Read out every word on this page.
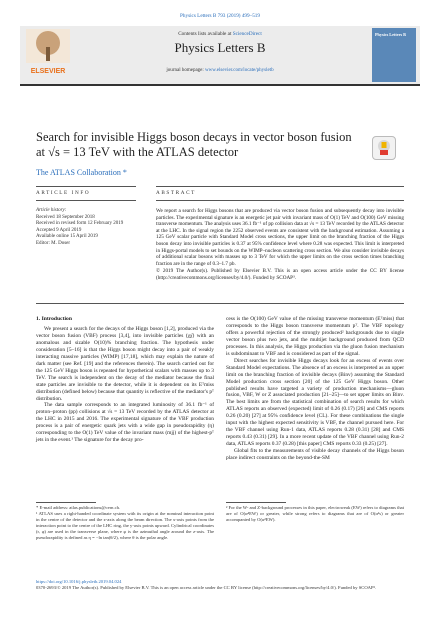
Physics Letters B 793 (2019) 499–519
Contents lists available at ScienceDirect
Physics Letters B
journal homepage: www.elsevier.com/locate/physletb
ELSEVIER
Physics Letters B
Search for invisible Higgs boson decays in vector boson fusion
at √s = 13 TeV with the ATLAS detector
The ATLAS Collaboration *
ARTICLE INFO	ABSTRACT
Article history:
Received 18 September 2018
Received in revised form 12 February 2019
Accepted 9 April 2019
Available online 15 April 2019
Editor: M. Doser
We report a search for Higgs bosons that are produced via vector boson fusion and subsequently decay into invisible particles. The experimental signature is an energetic jet pair with invariant mass of O(1) TeV and O(100) GeV missing transverse momentum. The analysis uses 36.1 fb⁻¹ of pp collision data at √s = 13 TeV recorded by the ATLAS detector at the LHC. In the signal region the 2252 observed events are consistent with the background estimation. Assuming a 125 GeV scalar particle with Standard Model cross sections, the upper limit on the branching fraction of the Higgs boson decay into invisible particles is 0.37 at 95% confidence level where 0.28 was expected. This limit is interpreted in Higgs-portal models to set bounds on the WIMP–nucleon scattering cross section. We also consider invisible decays of additional scalar bosons with masses up to 3 TeV for which the upper limits on the cross section times branching fraction are in the range of 0.3–1.7 pb.
© 2019 The Author(s). Published by Elsevier B.V. This is an open access article under the CC BY license (http://creativecommons.org/licenses/by/4.0/). Funded by SCOAP³.
1. Introduction

We present a search for the decays of the Higgs boson [1,2], produced via the vector boson fusion (VBF) process [3,4], into invisible particles (χχ̄) with an anomalous and sizable O(10)% branching fraction. The hypothesis under consideration [5–16] is that the Higgs boson might decay into a pair of weakly interacting massive particles (WIMP) [17,18], which may explain the nature of dark matter (see Ref. [19] and the references therein). The search carried out for the 125 GeV Higgs boson is repeated for hypothetical scalars with masses up to 3 TeV. The search is independent on the decay of the mediator because the final state particles are invisible to the detector, while it is dependent on its Eᵀmiss distribution (defined below) because that quantity is reflective of the mediator's pᵀ distribution.

The data sample corresponds to an integrated luminosity of 36.1 fb⁻¹ of proton–proton (pp) collisions at √s = 13 TeV recorded by the ATLAS detector at the LHC in 2015 and 2016. The experimental signature of the VBF production process is a pair of energetic quark jets with a wide gap in pseudorapidity (η) corresponding to the O(1) TeV value of the invariant mass (mjj) of the highest-pᵀ jets in the event.¹ The signature for the decay pro-

cess is the O(100) GeV value of the missing transverse momentum (Eᵀmiss) that corresponds to the Higgs boson transverse momentum pᵀ. The VBF topology offers a powerful rejection of the strongly produced² backgrounds due to single vector boson plus two jets, and the multijet background produced from QCD processes. In this analysis, the Higgs production via the gluon fusion mechanism is subdominant to VBF and is considered as part of the signal.

Direct searches for invisible Higgs decays look for an excess of events over Standard Model expectations. The absence of an excess is interpreted as an upper limit on the branching fraction of invisible decays (Binv) assuming the Standard Model production cross section [20] of the 125 GeV Higgs boson. Other published results have targeted a variety of production mechanisms—gluon fusion, VBF, W or Z associated production [21–25]—to set upper limits on Binv. The best limits are from the statistical combination of search results for which ATLAS reports an observed (expected) limit of 0.26 (0.17) [26] and CMS reports 0.26 (0.20) [27] at 95% confidence level (CL). For these combinations the single input with the highest expected sensitivity is VBF, the channel pursued here. For the VBF channel using Run-1 data, ATLAS reports 0.28 (0.31) [28] and CMS reports 0.43 (0.31) [29]. In a more recent update of the VBF channel using Run-2 data, ATLAS reports 0.37 (0.28) [this paper] CMS reports 0.33 (0.25) [27].

Global fits to the measurements of visible decay channels of the Higgs boson place indirect constraints on the beyond-the-SM

* E-mail address: atlas.publications@cern.ch.

¹ ATLAS uses a right-handed coordinate system with its origin at the nominal interaction point in the centre of the detector and the z-axis along the beam direction. The x-axis points from the interaction point to the centre of the LHC ring, the y-axis points upward. Cylindrical coordinates (r, φ) are used in the transverse plane, where φ is the azimuthal angle around the z-axis. The pseudorapidity is defined as η = −ln tan(θ/2), where θ is the polar angle.

² For the W- and Z-background processes in this paper, electroweak (EW) refers to diagrams that are of O(α⁴EW) or greater, while strong refers to diagrams that are of O(α²s) or greater accompanied by O(α²EW).

https://doi.org/10.1016/j.physletb.2019.04.024
0370-2693/© 2019 The Author(s). Published by Elsevier B.V. This is an open access article under the CC BY license (http://creativecommons.org/licenses/by/4.0/). Funded by SCOAP³.
